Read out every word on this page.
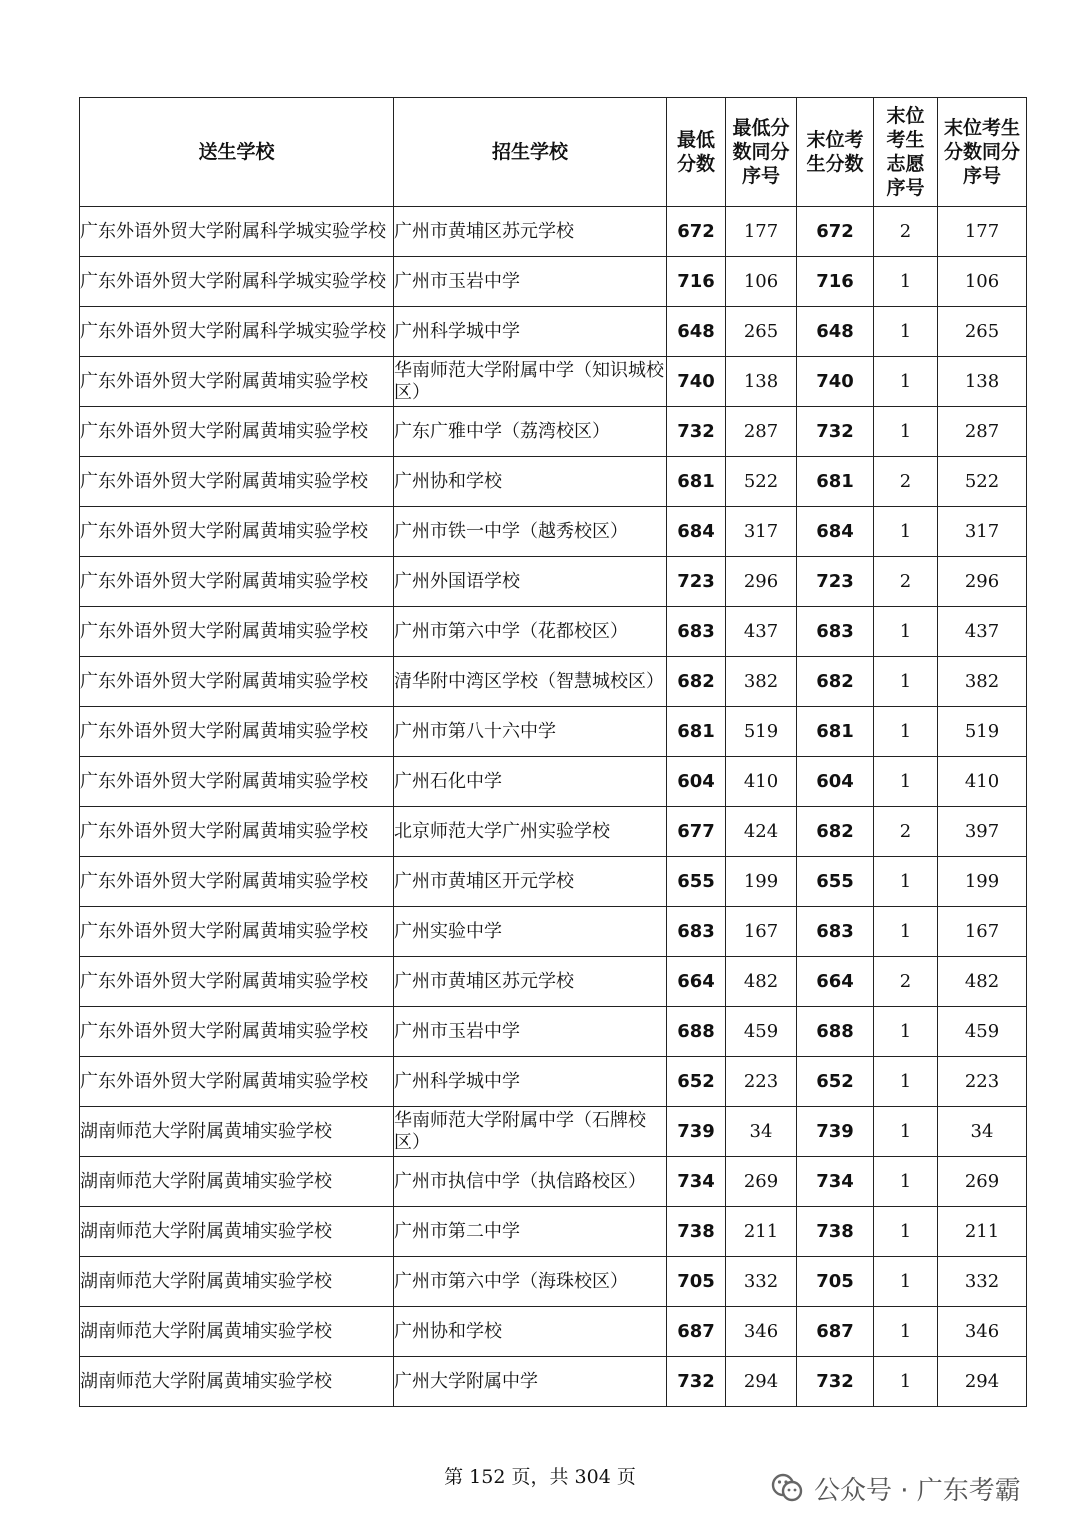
送生学校	招生学校	最低分数	最低分数同分序号	末位考生分数	末位考生志愿序号	末位考生分数同分序号
广东外语外贸大学附属科学城实验学校	广州市黄埔区苏元学校	672	177	672	2	177
广东外语外贸大学附属科学城实验学校	广州市玉岩中学	716	106	716	1	106
广东外语外贸大学附属科学城实验学校	广州科学城中学	648	265	648	1	265
广东外语外贸大学附属黄埔实验学校	华南师范大学附属中学（知识城校区）	740	138	740	1	138
广东外语外贸大学附属黄埔实验学校	广东广雅中学（荔湾校区）	732	287	732	1	287
广东外语外贸大学附属黄埔实验学校	广州协和学校	681	522	681	2	522
广东外语外贸大学附属黄埔实验学校	广州市铁一中学（越秀校区）	684	317	684	1	317
广东外语外贸大学附属黄埔实验学校	广州外国语学校	723	296	723	2	296
广东外语外贸大学附属黄埔实验学校	广州市第六中学（花都校区）	683	437	683	1	437
广东外语外贸大学附属黄埔实验学校	清华附中湾区学校（智慧城校区）	682	382	682	1	382
广东外语外贸大学附属黄埔实验学校	广州市第八十六中学	681	519	681	1	519
广东外语外贸大学附属黄埔实验学校	广州石化中学	604	410	604	1	410
广东外语外贸大学附属黄埔实验学校	北京师范大学广州实验学校	677	424	682	2	397
广东外语外贸大学附属黄埔实验学校	广州市黄埔区开元学校	655	199	655	1	199
广东外语外贸大学附属黄埔实验学校	广州实验中学	683	167	683	1	167
广东外语外贸大学附属黄埔实验学校	广州市黄埔区苏元学校	664	482	664	2	482
广东外语外贸大学附属黄埔实验学校	广州市玉岩中学	688	459	688	1	459
广东外语外贸大学附属黄埔实验学校	广州科学城中学	652	223	652	1	223
湖南师范大学附属黄埔实验学校	华南师范大学附属中学（石牌校区）	739	34	739	1	34
湖南师范大学附属黄埔实验学校	广州市执信中学（执信路校区）	734	269	734	1	269
湖南师范大学附属黄埔实验学校	广州市第二中学	738	211	738	1	211
湖南师范大学附属黄埔实验学校	广州市第六中学（海珠校区）	705	332	705	1	332
湖南师范大学附属黄埔实验学校	广州协和学校	687	346	687	1	346
湖南师范大学附属黄埔实验学校	广州大学附属中学	732	294	732	1	294
第 152 页，共 304 页	公众号 · 广东考霸
